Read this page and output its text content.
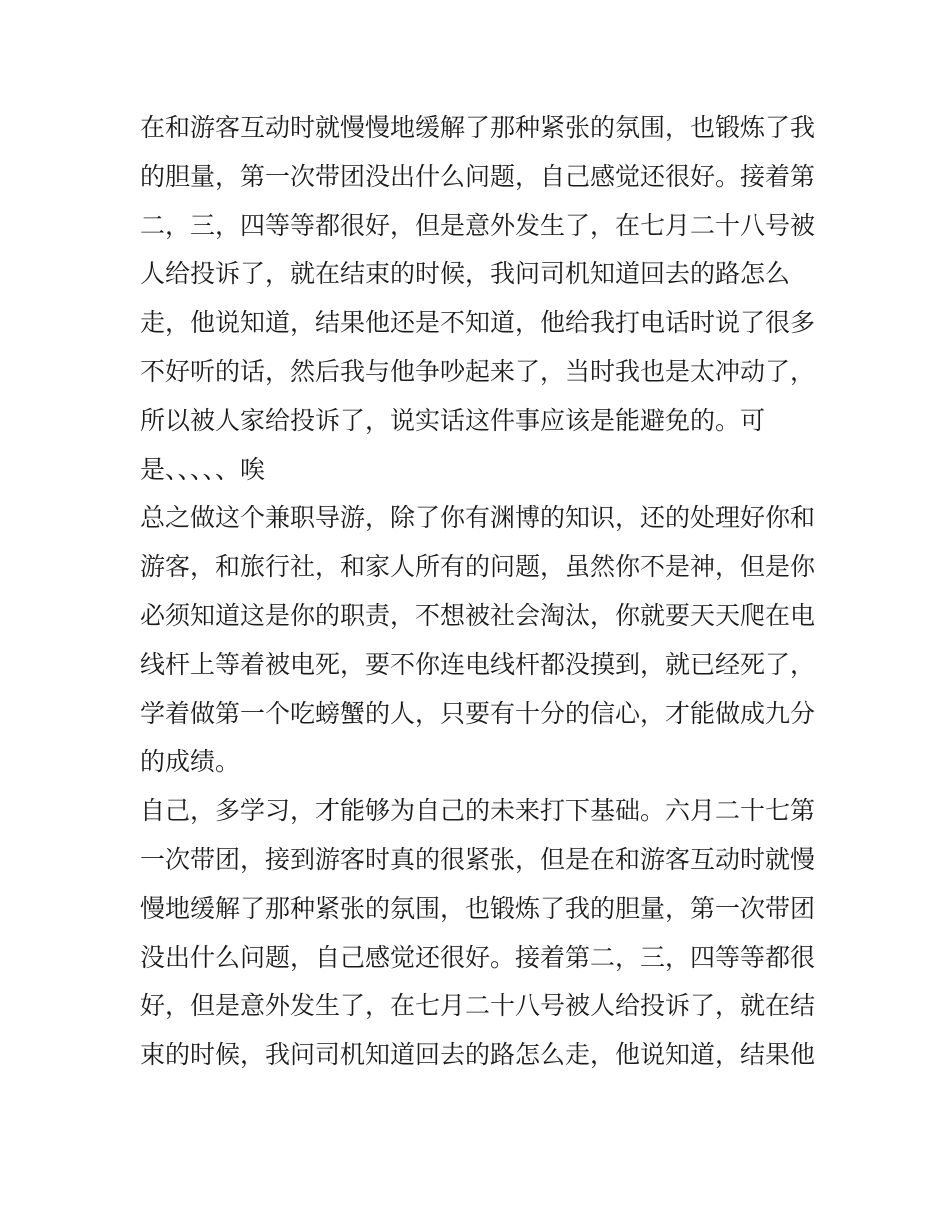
在和游客互动时就慢慢地缓解了那种紧张的氛围，也锻炼了我
的胆量，第一次带团没出什么问题，自己感觉还很好。接着第
二，三，四等等都很好，但是意外发生了，在七月二十八号被
人给投诉了，就在结束的时候，我问司机知道回去的路怎么
走，他说知道，结果他还是不知道，他给我打电话时说了很多
不好听的话，然后我与他争吵起来了，当时我也是太冲动了，
所以被人家给投诉了，说实话这件事应该是能避免的。可
是、、、、、唉
总之做这个兼职导游，除了你有渊博的知识，还的处理好你和
游客，和旅行社，和家人所有的问题，虽然你不是神，但是你
必须知道这是你的职责，不想被社会淘汰，你就要天天爬在电
线杆上等着被电死，要不你连电线杆都没摸到，就已经死了，
学着做第一个吃螃蟹的人，只要有十分的信心，才能做成九分
的成绩。
自己，多学习，才能够为自己的未来打下基础。六月二十七第
一次带团，接到游客时真的很紧张，但是在和游客互动时就慢
慢地缓解了那种紧张的氛围，也锻炼了我的胆量，第一次带团
没出什么问题，自己感觉还很好。接着第二，三，四等等都很
好，但是意外发生了，在七月二十八号被人给投诉了，就在结
束的时候，我问司机知道回去的路怎么走，他说知道，结果他
